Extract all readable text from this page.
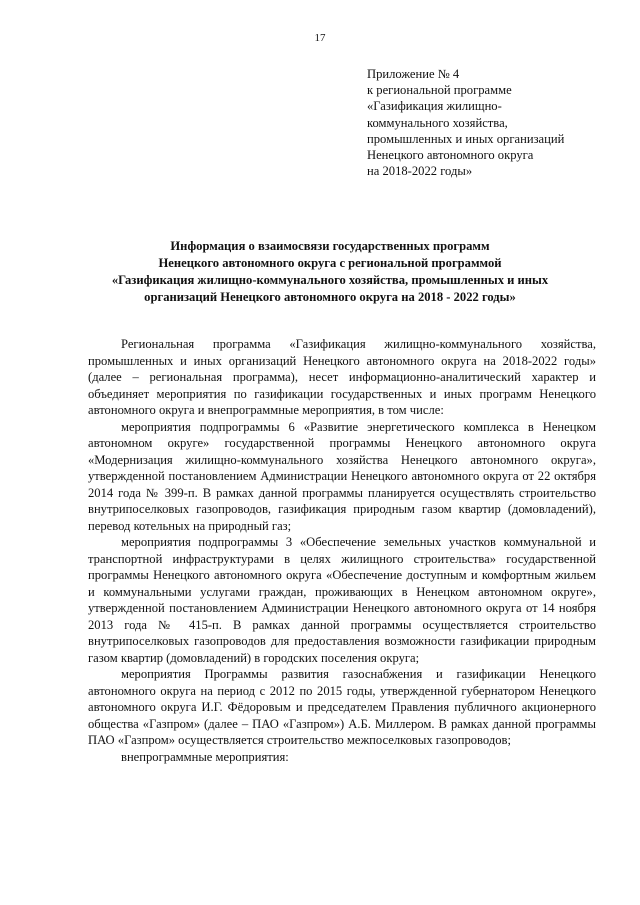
17
Приложение № 4
к региональной программе
«Газификация жилищно-
коммунального хозяйства,
промышленных и иных организаций
Ненецкого автономного округа
на 2018-2022 годы»
Информация о взаимосвязи государственных программ
Ненецкого автономного округа с региональной программой
«Газификация жилищно-коммунального хозяйства, промышленных и иных
организаций Ненецкого автономного округа на 2018 - 2022 годы»

Региональная программа «Газификация жилищно-коммунального хозяйства, промышленных и иных организаций Ненецкого автономного округа на 2018-2022 годы» (далее – региональная программа), несет информационно-аналитический характер и объединяет мероприятия по газификации государственных и иных программ Ненецкого автономного округа и внепрограммные мероприятия, в том числе:

мероприятия подпрограммы 6 «Развитие энергетического комплекса в Ненецком автономном округе» государственной программы Ненецкого автономного округа «Модернизация жилищно-коммунального хозяйства Ненецкого автономного округа», утвержденной постановлением Администрации Ненецкого автономного округа от 22 октября 2014 года № 399-п. В рамках данной программы планируется осуществлять строительство внутрипоселковых газопроводов, газификация природным газом квартир (домовладений), перевод котельных на природный газ;

мероприятия подпрограммы 3 «Обеспечение земельных участков коммунальной и транспортной инфраструктурами в целях жилищного строительства» государственной программы Ненецкого автономного округа «Обеспечение доступным и комфортным жильем и коммунальными услугами граждан, проживающих в Ненецком автономном округе», утвержденной постановлением Администрации Ненецкого автономного округа от 14 ноября 2013 года № 415-п. В рамках данной программы осуществляется строительство внутрипоселковых газопроводов для предоставления возможности газификации природным газом квартир (домовладений) в городских поселения округа;

мероприятия Программы развития газоснабжения и газификации Ненецкого автономного округа на период с 2012 по 2015 годы, утвержденной губернатором Ненецкого автономного округа И.Г. Фёдоровым и председателем Правления публичного акционерного общества «Газпром» (далее – ПАО «Газпром») А.Б. Миллером. В рамках данной программы ПАО «Газпром» осуществляется строительство межпоселковых газопроводов;

внепрограммные мероприятия:
